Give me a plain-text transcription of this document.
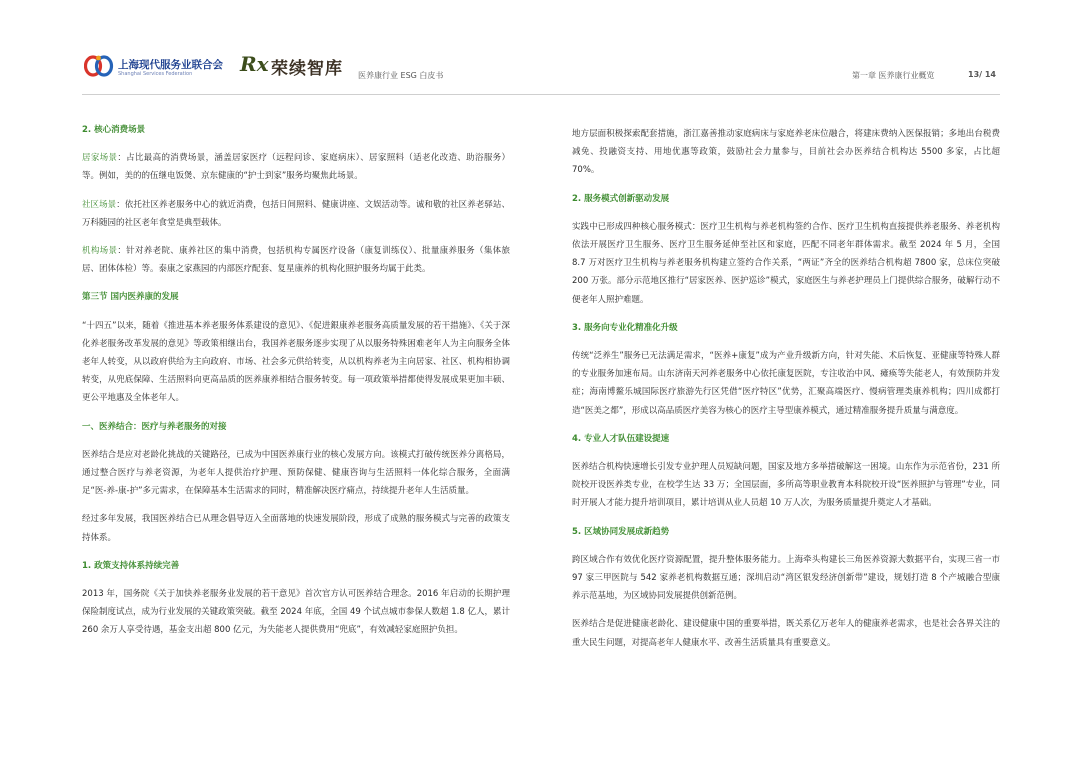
上海现代服务业联合会
Shanghai Services Federation Rx 荣续智库 医养康行业 ESG 白皮书	第一章 医养康行业概览	13/ 14
2. 核心消费场景

居家场景：占比最高的消费场景，涵盖居家医疗（远程问诊、家庭病床）、居家照料（适老化改造、助浴服务）等。例如，美的的伍继电饭煲、京东健康的“护士到家”服务均聚焦此场景。

社区场景：依托社区养老服务中心的就近消费，包括日间照料、健康讲座、文娱活动等。诚和敬的社区养老驿站、万科随园的社区老年食堂是典型载体。

机构场景：针对养老院、康养社区的集中消费，包括机构专属医疗设备（康复训练仪）、批量康养服务（集体旅居、团体体检）等。泰康之家燕园的内部医疗配套、复星康养的机构化照护服务均属于此类。

第三节 国内医养康的发展

“十四五”以来，随着《推进基本养老服务体系建设的意见》、《促进銀康养老服务高质量发展的若干措施》、《关于深化养老服务改革发展的意见》等政策相继出台，我国养老服务逐步实现了从以服务特殊困难老年人为主向服务全体老年人转变，从以政府供给为主向政府、市场、社会多元供给转变，从以机构养老为主向居家、社区、机构相协调转变，从兜底保障、生活照料向更高品质的医养康养相结合服务转变。每一项政策举措都使得发展成果更加丰硕、更公平地惠及全体老年人。

一、医养结合：医疗与养老服务的对接

医养结合是应对老龄化挑战的关键路径，已成为中国医养康行业的核心发展方向。该模式打破传统医养分离格局，通过整合医疗与养老资源，为老年人提供治疗护理、预防保健、健康咨询与生活照料一体化综合服务，全面满足“医-养-康-护”多元需求，在保障基本生活需求的同时，精准解决医疗痛点，持续提升老年人生活质量。

经过多年发展，我国医养结合已从理念倡导迈入全面落地的快速发展阶段，形成了成熟的服务模式与完善的政策支持体系。

1. 政策支持体系持续完善

2013 年，国务院《关于加快养老服务业发展的若干意见》首次官方认可医养结合理念。2016 年启动的长期护理保险制度试点，成为行业发展的关键政策突破。截至 2024 年底，全国 49 个试点城市参保人数超 1.8 亿人，累计 260 余万人享受待遇，基金支出超 800 亿元，为失能老人提供费用“兜底”，有效减轻家庭照护负担。

地方层面积极探索配套措施，浙江嘉善推动家庭病床与家庭养老床位融合，将建床费纳入医保报销；多地出台税费减免、投融资支持、用地优惠等政策，鼓励社会力量参与，目前社会办医养结合机构达 5500 多家，占比超 70%。

2. 服务模式创新驱动发展

实践中已形成四种核心服务模式：医疗卫生机构与养老机构签约合作、医疗卫生机构直接提供养老服务、养老机构依法开展医疗卫生服务、医疗卫生服务延伸至社区和家庭，匹配不同老年群体需求。截至 2024 年 5 月，全国 8.7 万对医疗卫生机构与养老服务机构建立签约合作关系，“两证”齐全的医养结合机构超 7800 家，总床位突破 200 万张。部分示范地区推行“居家医养、医护巡诊”模式，家庭医生与养老护理员上门提供综合服务，破解行动不便老年人照护难题。

3. 服务向专业化精准化升级

传统“泛养生”服务已无法满足需求，“医养+康复”成为产业升级新方向，针对失能、术后恢复、亚健康等特殊人群的专业服务加速布局。山东济南天河养老服务中心依托康复医院，专注收治中风、瘫痪等失能老人，有效预防并发症；海南博鳌乐城国际医疗旅游先行区凭借“医疗特区”优势，汇聚高端医疗、慢病管理类康养机构；四川成都打造“医美之都”，形成以高品质医疗美容为核心的医疗主导型康养模式，通过精准服务提升质量与满意度。

4. 专业人才队伍建设提速

医养结合机构快速增长引发专业护理人员短缺问题，国家及地方多举措破解这一困境。山东作为示范省份，231 所院校开设医养类专业，在校学生达 33 万；全国层面，多所高等职业教育本科院校开设“医养照护与管理”专业，同时开展人才能力提升培训项目，累计培训从业人员超 10 万人次，为服务质量提升奠定人才基础。

5. 区域协同发展成新趋势

跨区域合作有效优化医疗资源配置，提升整体服务能力。上海牵头构建长三角医养资源大数据平台，实现三省一市 97 家三甲医院与 542 家养老机构数据互通；深圳启动“湾区银发经济创新带”建设，规划打造 8 个产城融合型康养示范基地，为区域协同发展提供创新范例。

医养结合是促进健康老龄化、建设健康中国的重要举措，既关系亿万老年人的健康养老需求，也是社会各界关注的重大民生问题，对提高老年人健康水平、改善生活质量具有重要意义。
